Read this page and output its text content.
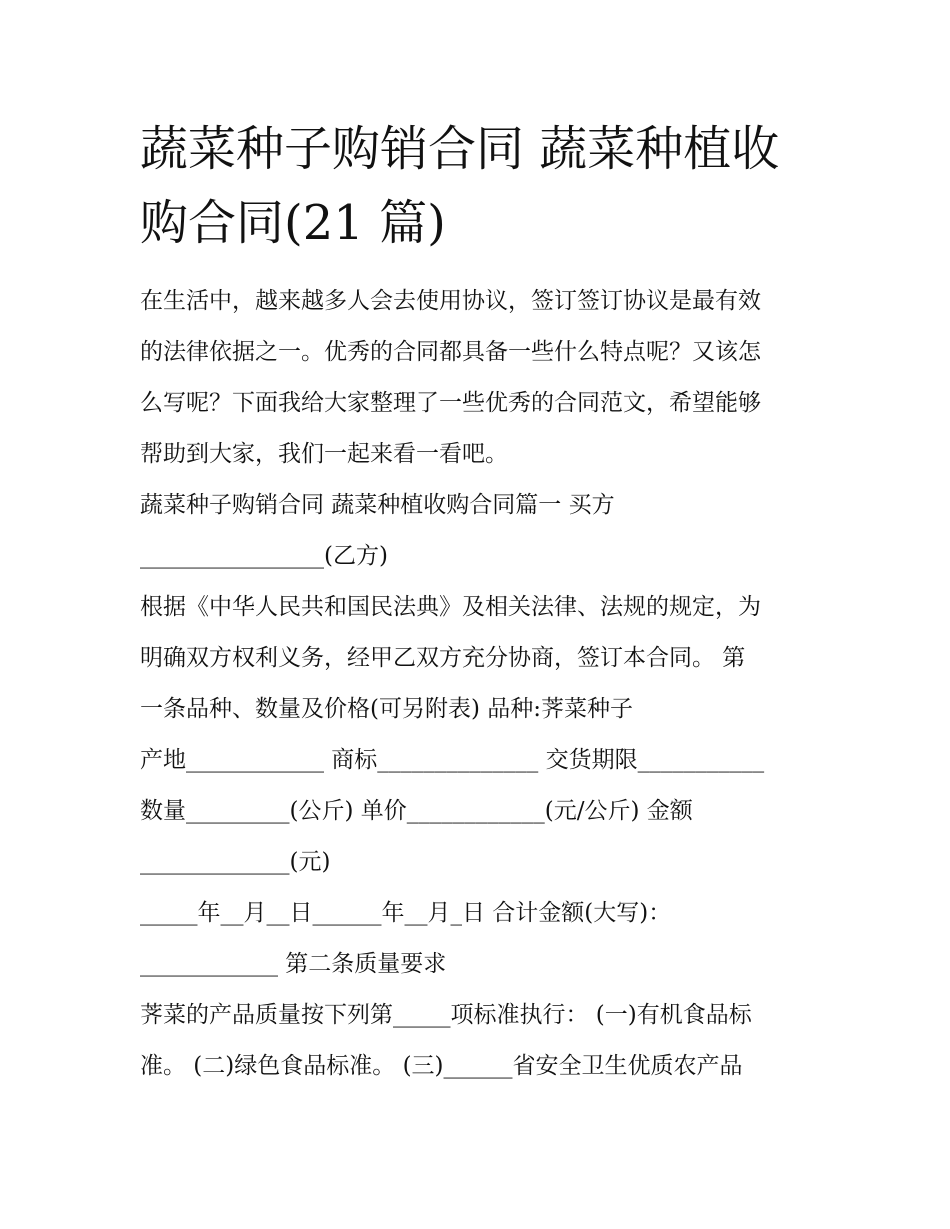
蔬菜种子购销合同 蔬菜种植收
购合同(21 篇)
在生活中，越来越多人会去使用协议，签订签订协议是最有效
的法律依据之一。优秀的合同都具备一些什么特点呢？又该怎
么写呢？下面我给大家整理了一些优秀的合同范文，希望能够
帮助到大家，我们一起来看一看吧。
蔬菜种子购销合同 蔬菜种植收购合同篇一 买方
________________(乙方)
根据《中华人民共和国民法典》及相关法律、法规的规定，为
明确双方权利义务，经甲乙双方充分协商，签订本合同。 第
一条品种、数量及价格(可另附表) 品种:荠菜种子
产地____________ 商标______________ 交货期限___________
数量_________(公斤) 单价____________(元/公斤) 金额
_____________(元)
_____年__月__日______年__月_日 合计金额(大写)：
____________ 第二条质量要求
荠菜的产品质量按下列第_____项标准执行： (一)有机食品标
准。 (二)绿色食品标准。 (三)______省安全卫生优质农产品
